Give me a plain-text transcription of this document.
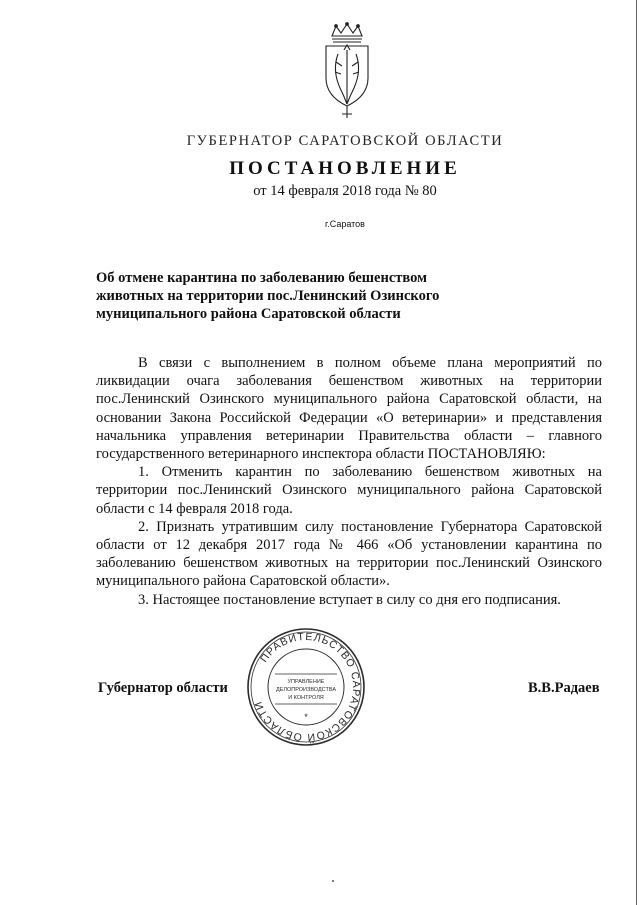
ГУБЕРНАТОР САРАТОВСКОЙ ОБЛАСТИ
ПОСТАНОВЛЕНИЕ
от 14 февраля 2018 года № 80
г.Саратов

Об отмене карантина по заболеванию бешенством
животных на территории пос.Ленинский Озинского
муниципального района Саратовской области

В связи с выполнением в полном объеме плана мероприятий по ликвидации очага заболевания бешенством животных на территории пос.Ленинский Озинского муниципального района Саратовской области, на основании Закона Российской Федерации «О ветеринарии» и представления начальника управления ветеринарии Правительства области – главного государственного ветеринарного инспектора области ПОСТАНОВЛЯЮ:

1. Отменить карантин по заболеванию бешенством животных на территории пос.Ленинский Озинского муниципального района Саратовской области с 14 февраля 2018 года.

2. Признать утратившим силу постановление Губернатора Саратовской области от 12 декабря 2017 года № 466 «Об установлении карантина по заболеванию бешенством животных на территории пос.Ленинский Озинского муниципального района Саратовской области».

3. Настоящее постановление вступает в силу со дня его подписания.

Губернатор области	В.В.Радаев
ПРАВИТЕЛЬСТВО САРАТОВСКОЙ ОБЛАСТИ
УПРАВЛЕНИЕ
ДЕЛОПРОИЗВОДСТВА
И КОНТРОЛЯ
*
